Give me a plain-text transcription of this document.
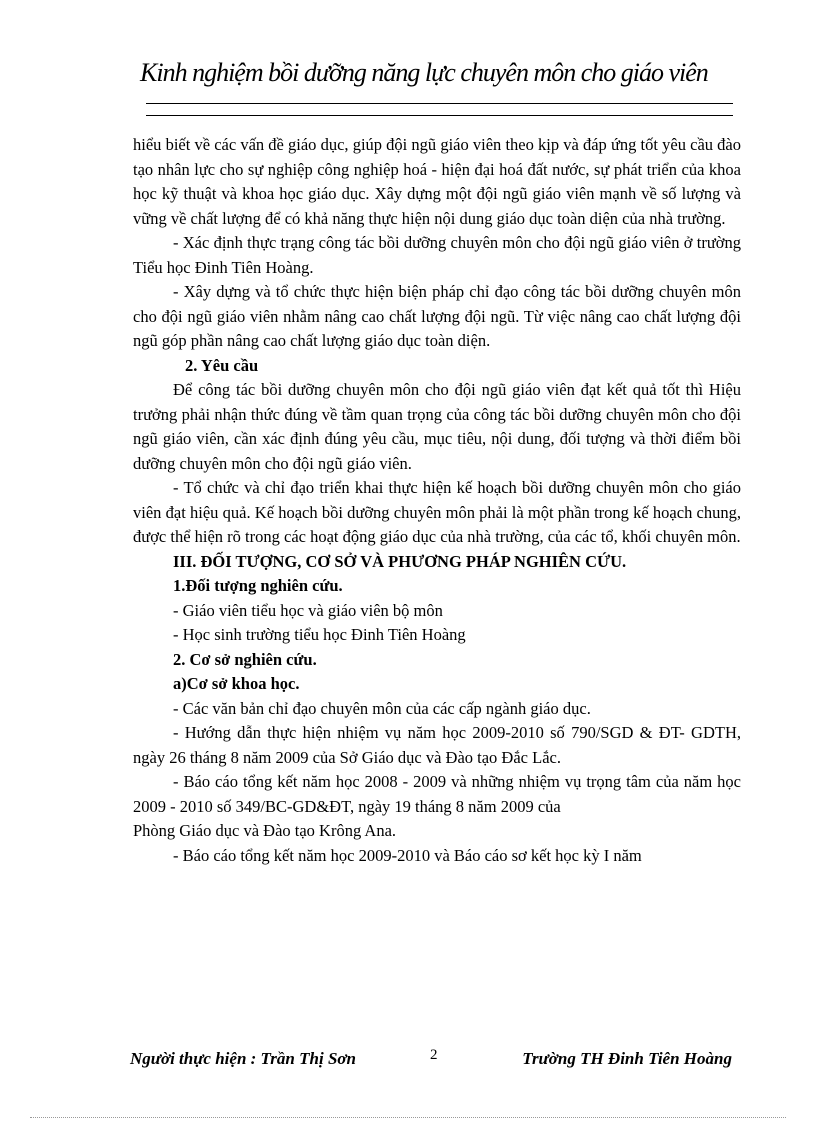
Kinh nghiệm bồi dưỡng năng lực chuyên môn cho giáo viên

hiểu biết về các vấn đề giáo dục, giúp đội ngũ giáo viên theo kịp và đáp ứng tốt yêu cầu đào tạo nhân lực cho sự nghiệp công nghiệp hoá - hiện đại hoá đất nước, sự phát triển của khoa học kỹ thuật và khoa học giáo dục. Xây dựng một đội ngũ giáo viên mạnh về số lượng và vững về chất lượng để có khả năng thực hiện nội dung giáo dục toàn diện của nhà trường.

- Xác định thực trạng công tác bồi dưỡng chuyên môn cho đội ngũ giáo viên ở trường Tiểu học Đinh Tiên Hoàng.

- Xây dựng và tổ chức thực hiện biện pháp chỉ đạo công tác bồi dưỡng chuyên môn cho đội ngũ giáo viên nhằm nâng cao chất lượng đội ngũ. Từ việc nâng cao chất lượng đội ngũ góp phần nâng cao chất lượng giáo dục toàn diện.

2. Yêu cầu

Để công tác bồi dưỡng chuyên môn cho đội ngũ giáo viên đạt kết quả tốt thì Hiệu trưởng phải nhận thức đúng về tầm quan trọng của công tác bồi dưỡng chuyên môn cho đội ngũ giáo viên, cần xác định đúng yêu cầu, mục tiêu, nội dung, đối tượng và thời điểm bồi dưỡng chuyên môn cho đội ngũ giáo viên.

- Tổ chức và chỉ đạo triển khai thực hiện kế hoạch bồi dưỡng chuyên môn cho giáo viên đạt hiệu quả. Kế hoạch bồi dưỡng chuyên môn phải là một phần trong kế hoạch chung, được thể hiện rõ trong các hoạt động giáo dục của nhà trường, của các tổ, khối chuyên môn.

III. ĐỐI TƯỢNG, CƠ SỞ VÀ PHƯƠNG PHÁP NGHIÊN CỨU.

1.Đối tượng nghiên cứu.

- Giáo viên tiểu học và giáo viên bộ môn

- Học sinh trường tiểu học Đinh Tiên Hoàng

2. Cơ sở nghiên cứu.

a)Cơ sở khoa học.

- Các văn bản chỉ đạo chuyên môn của các cấp ngành giáo dục.

- Hướng dẫn thực hiện nhiệm vụ năm học 2009-2010 số 790/SGD & ĐT- GDTH, ngày 26 tháng 8 năm 2009 của Sở Giáo dục và Đào tạo Đắc Lắc.

- Báo cáo tổng kết năm học 2008 - 2009 và những nhiệm vụ trọng tâm của năm học 2009 - 2010 số 349/BC-GD&ĐT, ngày 19 tháng 8 năm 2009 của

Phòng Giáo dục và Đào tạo Krông Ana.

- Báo cáo tổng kết năm học 2009-2010 và Báo cáo sơ kết học kỳ I năm

Người thực hiện : Trần Thị Sơn	2	Trường TH Đinh Tiên Hoàng
